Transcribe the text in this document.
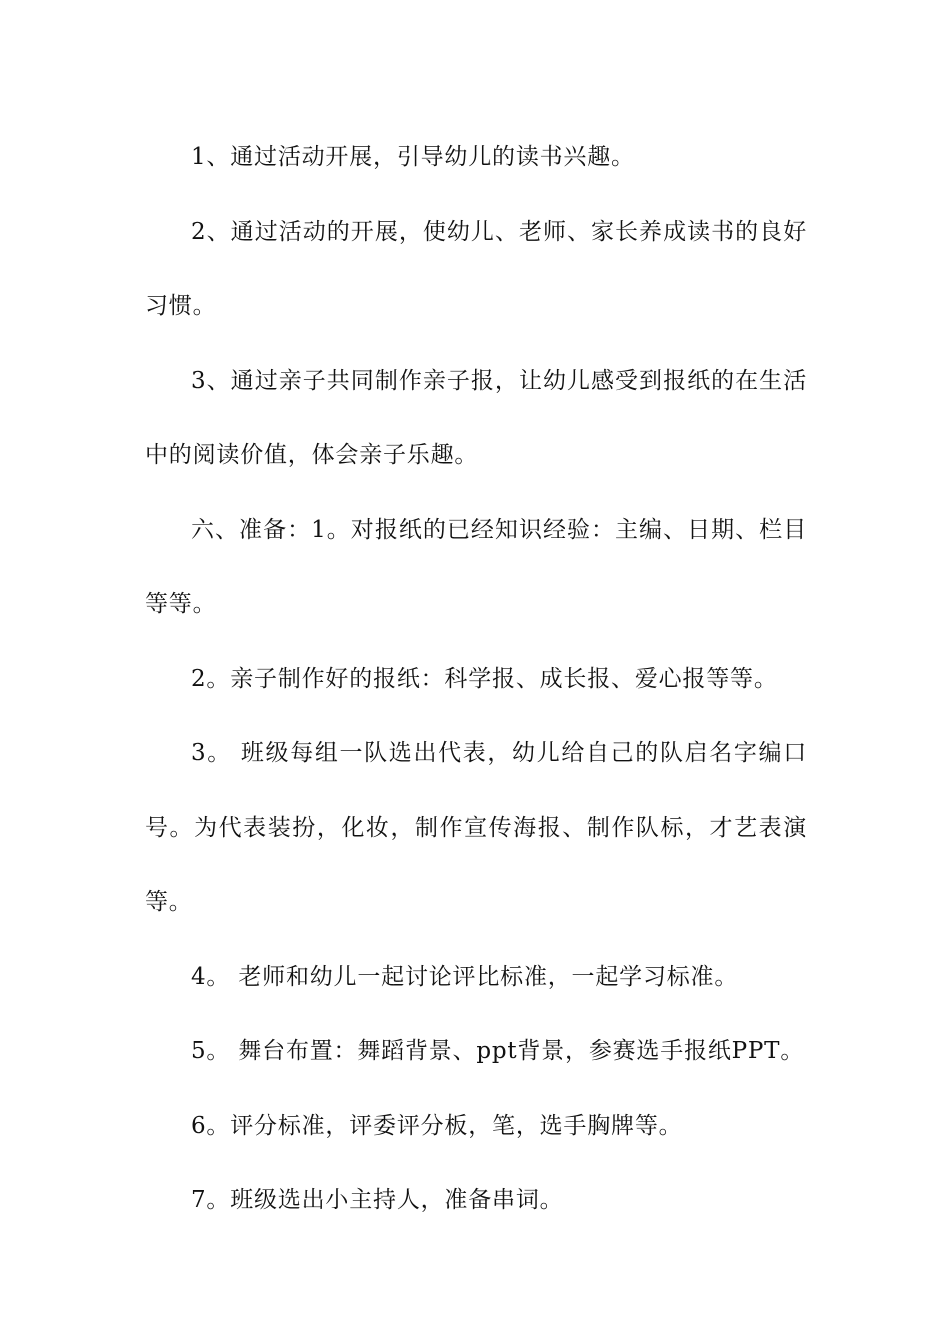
1、通过活动开展，引导幼儿的读书兴趣。

2、通过活动的开展，使幼儿、老师、家长养成读书的良好习惯。

3、通过亲子共同制作亲子报，让幼儿感受到报纸的在生活中的阅读价值，体会亲子乐趣。

六、准备：1。对报纸的已经知识经验：主编、日期、栏目等等。

2。亲子制作好的报纸：科学报、成长报、爱心报等等。

3。 班级每组一队选出代表，幼儿给自己的队启名字编口号。为代表装扮，化妆，制作宣传海报、制作队标，才艺表演等。

4。 老师和幼儿一起讨论评比标准，一起学习标准。

5。 舞台布置：舞蹈背景、ppt背景，参赛选手报纸PPT。

6。评分标准，评委评分板，笔，选手胸牌等。

7。班级选出小主持人，准备串词。
